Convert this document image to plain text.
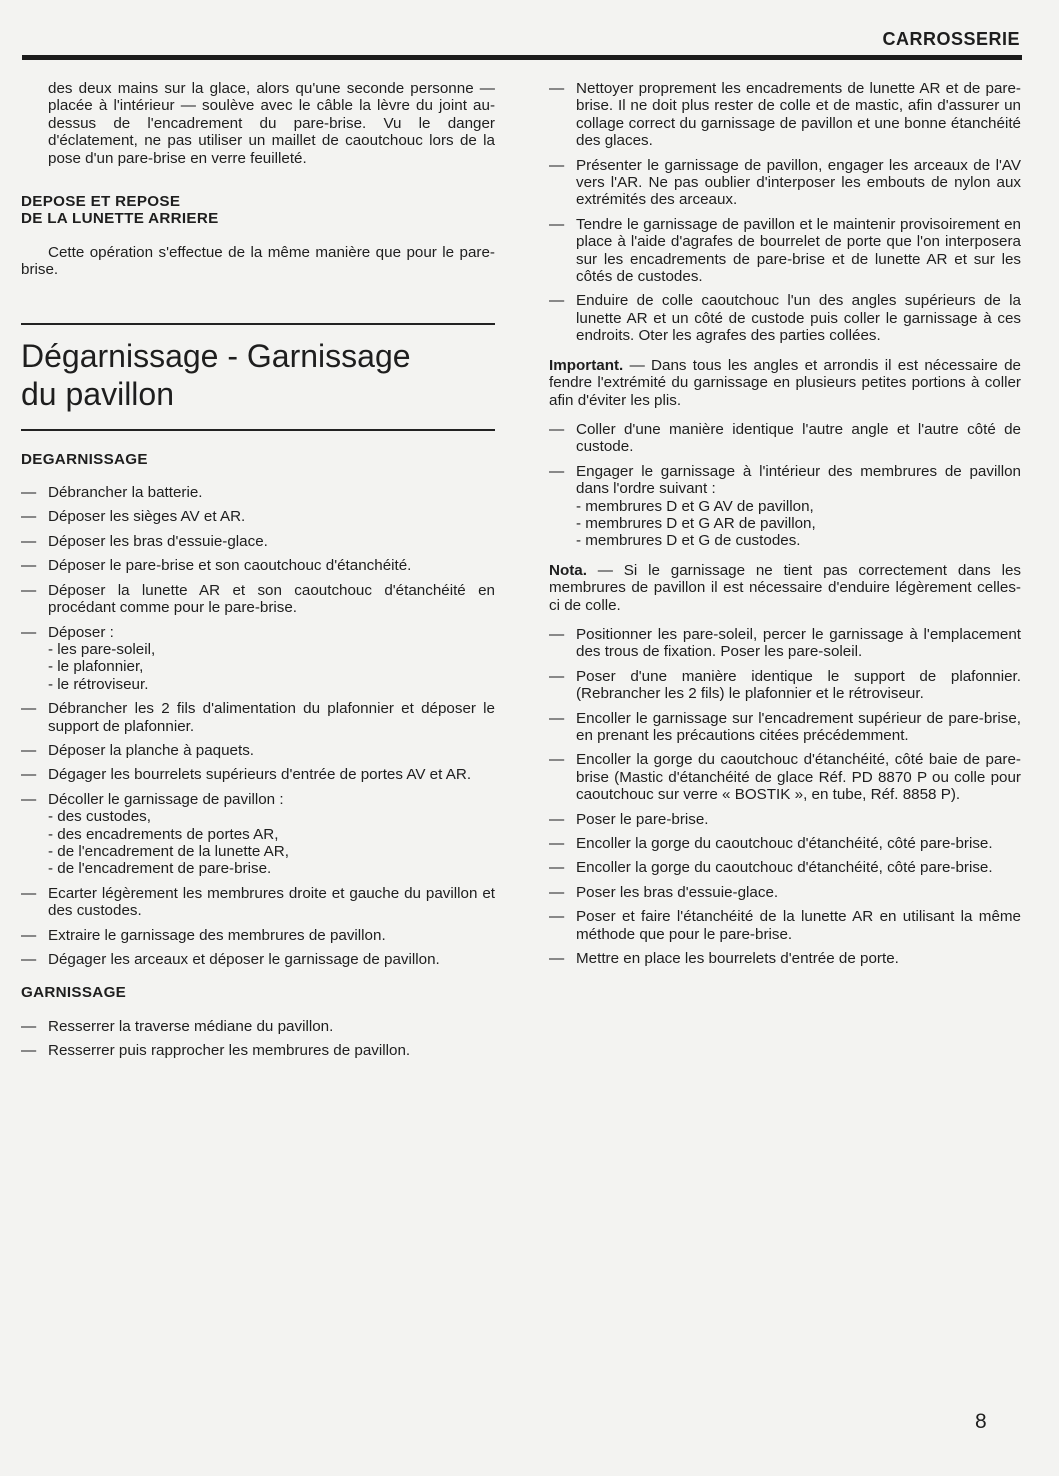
CARROSSERIE

des deux mains sur la glace, alors qu'une seconde personne — placée à l'intérieur — soulève avec le câble la lèvre du joint au-dessus de l'encadrement du pare-brise. Vu le danger d'éclatement, ne pas utiliser un maillet de caoutchouc lors de la pose d'un pare-brise en verre feuilleté.

DEPOSE ET REPOSE
DE LA LUNETTE ARRIERE

Cette opération s'effectue de la même manière que pour le pare-brise.

Dégarnissage - Garnissage
du pavillon
DEGARNISSAGE
— Débrancher la batterie.
— Déposer les sièges AV et AR.
— Déposer les bras d'essuie-glace.
— Déposer le pare-brise et son caoutchouc d'étanchéité.
— Déposer la lunette AR et son caoutchouc d'étanchéité en procédant comme pour le pare-brise.
— Déposer :
- les pare-soleil,
- le plafonnier,
- le rétroviseur.
— Débrancher les 2 fils d'alimentation du plafonnier et déposer le support de plafonnier.
— Déposer la planche à paquets.
— Dégager les bourrelets supérieurs d'entrée de portes AV et AR.
— Décoller le garnissage de pavillon :
- des custodes,
- des encadrements de portes AR,
- de l'encadrement de la lunette AR,
- de l'encadrement de pare-brise.
— Ecarter légèrement les membrures droite et gauche du pavillon et des custodes.
— Extraire le garnissage des membrures de pavillon.
— Dégager les arceaux et déposer le garnissage de pavillon.
GARNISSAGE
— Resserrer la traverse médiane du pavillon.
— Resserrer puis rapprocher les membrures de pavillon.
— Nettoyer proprement les encadrements de lunette AR et de pare-brise. Il ne doit plus rester de colle et de mastic, afin d'assurer un collage correct du garnissage de pavillon et une bonne étanchéité des glaces.
— Présenter le garnissage de pavillon, engager les arceaux de l'AV vers l'AR. Ne pas oublier d'interposer les embouts de nylon aux extrémités des arceaux.
— Tendre le garnissage de pavillon et le maintenir provisoirement en place à l'aide d'agrafes de bourrelet de porte que l'on interposera sur les encadrements de pare-brise et de lunette AR et sur les côtés de custodes.
— Enduire de colle caoutchouc l'un des angles supérieurs de la lunette AR et un côté de custode puis coller le garnissage à ces endroits. Oter les agrafes des parties collées.

Important. — Dans tous les angles et arrondis il est nécessaire de fendre l'extrémité du garnissage en plusieurs petites portions à coller afin d'éviter les plis.

— Coller d'une manière identique l'autre angle et l'autre côté de custode.
— Engager le garnissage à l'intérieur des membrures de pavillon dans l'ordre suivant :
- membrures D et G AV de pavillon,
- membrures D et G AR de pavillon,
- membrures D et G de custodes.

Nota. — Si le garnissage ne tient pas correctement dans les membrures de pavillon il est nécessaire d'enduire légèrement celles-ci de colle.

— Positionner les pare-soleil, percer le garnissage à l'emplacement des trous de fixation. Poser les pare-soleil.
— Poser d'une manière identique le support de plafonnier. (Rebrancher les 2 fils) le plafonnier et le rétroviseur.
— Encoller le garnissage sur l'encadrement supérieur de pare-brise, en prenant les précautions citées précédemment.
— Encoller la gorge du caoutchouc d'étanchéité, côté baie de pare-brise (Mastic d'étanchéité de glace Réf. PD 8870 P ou colle pour caoutchouc sur verre « BOSTIK », en tube, Réf. 8858 P).
— Poser le pare-brise.
— Encoller la gorge du caoutchouc d'étanchéité, côté pare-brise.
— Encoller la gorge du caoutchouc d'étanchéité, côté pare-brise.
— Poser les bras d'essuie-glace.
— Poser et faire l'étanchéité de la lunette AR en utilisant la même méthode que pour le pare-brise.
— Mettre en place les bourrelets d'entrée de porte.
8
